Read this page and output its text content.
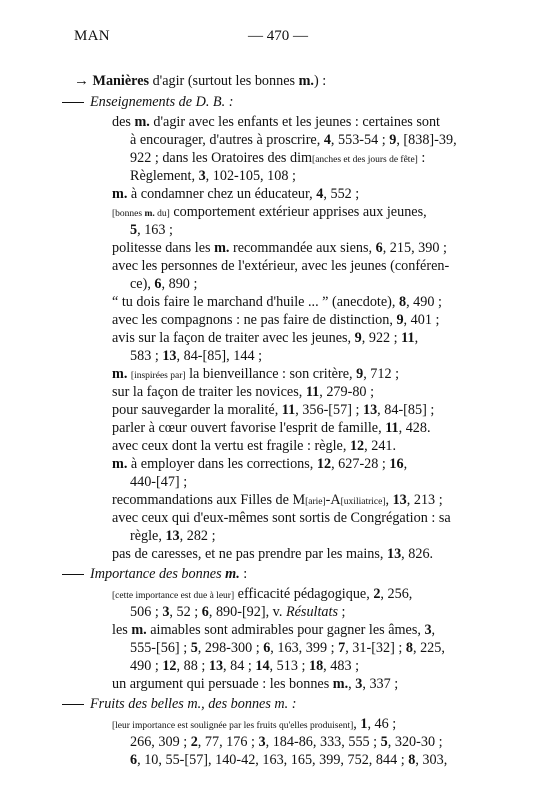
MAN	— 470 —
→ Manières d'agir (surtout les bonnes m.) :
Enseignements de D. B. :
des m. d'agir avec les enfants et les jeunes : certaines sont
à encourager, d'autres à proscrire, 4, 553-54 ; 9, [838]-39,
922 ; dans les Oratoires des dim[anches et des jours de fête] :
Règlement, 3, 102-105, 108 ;
m. à condamner chez un éducateur, 4, 552 ;
[bonnes m. du] comportement extérieur apprises aux jeunes,
5, 163 ;
politesse dans les m. recommandée aux siens, 6, 215, 390 ;
avec les personnes de l'extérieur, avec les jeunes (conféren-
ce), 6, 890 ;
“ tu dois faire le marchand d'huile ... ” (anecdote), 8, 490 ;
avec les compagnons : ne pas faire de distinction, 9, 401 ;
avis sur la façon de traiter avec les jeunes, 9, 922 ; 11,
583 ; 13, 84-[85], 144 ;
m. [inspirées par] la bienveillance : son critère, 9, 712 ;
sur la façon de traiter les novices, 11, 279-80 ;
pour sauvegarder la moralité, 11, 356-[57] ; 13, 84-[85] ;
parler à cœur ouvert favorise l'esprit de famille, 11, 428.
avec ceux dont la vertu est fragile : règle, 12, 241.
m. à employer dans les corrections, 12, 627-28 ; 16,
440-[47] ;
recommandations aux Filles de M[arie]-A[uxiliatrice], 13, 213 ;
avec ceux qui d'eux-mêmes sont sortis de Congrégation : sa
règle, 13, 282 ;
pas de caresses, et ne pas prendre par les mains, 13, 826.
Importance des bonnes m. :
[cette importance est due à leur] efficacité pédagogique, 2, 256,
506 ; 3, 52 ; 6, 890-[92], v. Résultats ;
les m. aimables sont admirables pour gagner les âmes, 3,
555-[56] ; 5, 298-300 ; 6, 163, 399 ; 7, 31-[32] ; 8, 225,
490 ; 12, 88 ; 13, 84 ; 14, 513 ; 18, 483 ;
un argument qui persuade : les bonnes m., 3, 337 ;
Fruits des belles m., des bonnes m. :
[leur importance est soulignée par les fruits qu'elles produisent], 1, 46 ;
266, 309 ; 2, 77, 176 ; 3, 184-86, 333, 555 ; 5, 320-30 ;
6, 10, 55-[57], 140-42, 163, 165, 399, 752, 844 ; 8, 303,
